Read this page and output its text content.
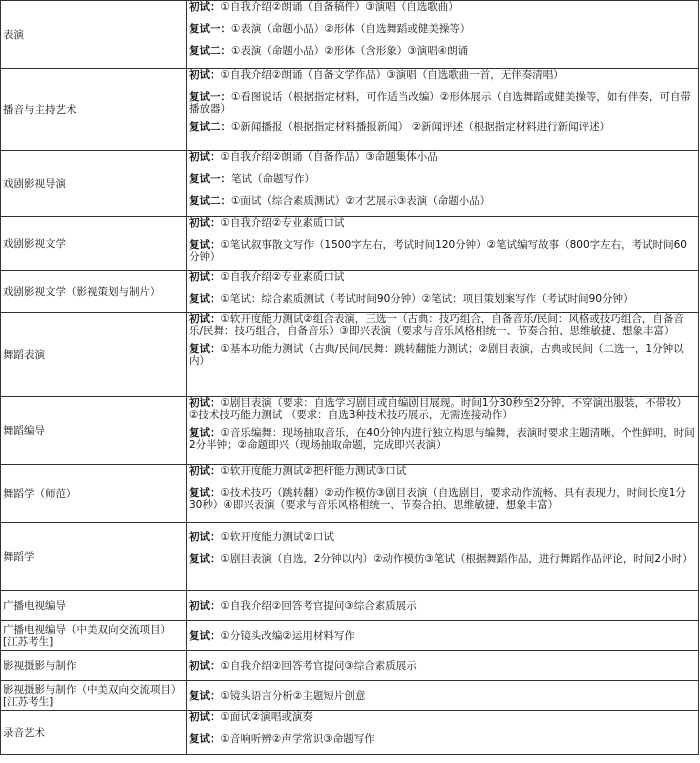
表演	初试：①自我介绍②朗诵（自备稿件）③演唱（自选歌曲）
复试一：①表演（命题小品）②形体（自选舞蹈或健美操等）
复试二：①表演（命题小品）②形体（含形象）③演唱④朗诵

播音与主持艺术	初试：①自我介绍②朗诵（自备文学作品）③演唱（自选歌曲一首，无伴奏清唱）
复试一：①看图说话（根据指定材料，可作适当改编）②形体展示（自选舞蹈或健美操等，如有伴奏，可自带播放器）
复试二：①新闻播报（根据指定材料播报新闻） ②新闻评述（根据指定材料进行新闻评述）

戏剧影视导演	初试：①自我介绍②朗诵（自备作品）③命题集体小品
复试一：笔试（命题写作）
复试二：①面试（综合素质测试）②才艺展示③表演（命题小品）

戏剧影视文学	初试：①自我介绍②专业素质口试
复试：①笔试叙事散文写作（1500字左右，考试时间120分钟）②笔试编写故事（800字左右，考试时间60分钟）

戏剧影视文学（影视策划与制片）	初试：①自我介绍②专业素质口试
复试：①笔试：综合素质测试（考试时间90分钟）②笔试：项目策划案写作（考试时间90分钟）

舞蹈表演	初试：①软开度能力测试②组合表演，三选一（古典：技巧组合，自备音乐/民间：风格或技巧组合，自备音乐/民舞：技巧组合，自备音乐）③即兴表演（要求与音乐风格相统一、节奏合拍、思维敏捷、想象丰富）
复试：①基本功能力测试（古典/民间/民舞：跳转翻能力测试；②剧目表演，古典或民间（二选一，1分钟以内）

舞蹈编导	初试：①剧目表演（要求：自选学习剧目或自编剧目展现。时间1分30秒至2分钟，不穿演出服装，不带妆）②技术技巧能力测试 （要求：自选3种技术技巧展示，无需连接动作）
复试：①音乐编舞：现场抽取音乐，在40分钟内进行独立构思与编舞，表演时要求主题清晰、个性鲜明，时间2分半钟；②命题即兴（现场抽取命题，完成即兴表演）

舞蹈学（师范）	初试：①软开度能力测试②把杆能力测试③口试
复试：①技术技巧（跳转翻）②动作模仿③剧目表演（自选剧目，要求动作流畅、具有表现力，时间长度1分30秒）④即兴表演（要求与音乐风格相统一、节奏合拍、思维敏捷、想象丰富）

舞蹈学	初试：①软开度能力测试②口试
复试：①剧目表演（自选，2分钟以内）②动作模仿③笔试（根据舞蹈作品，进行舞蹈作品评论，时间2小时）

广播电视编导	初试：①自我介绍②回答考官提问③综合素质展示

广播电视编导（中美双向交流项目）[江苏考生]	复试：①分镜头改编②运用材料写作

影视摄影与制作	初试：①自我介绍②回答考官提问③综合素质展示

影视摄影与制作（中美双向交流项目）[江苏考生]	复试：①镜头语言分析②主题短片创意

录音艺术	初试：①面试②演唱或演奏
复试：①音响听辨②声学常识③命题写作
